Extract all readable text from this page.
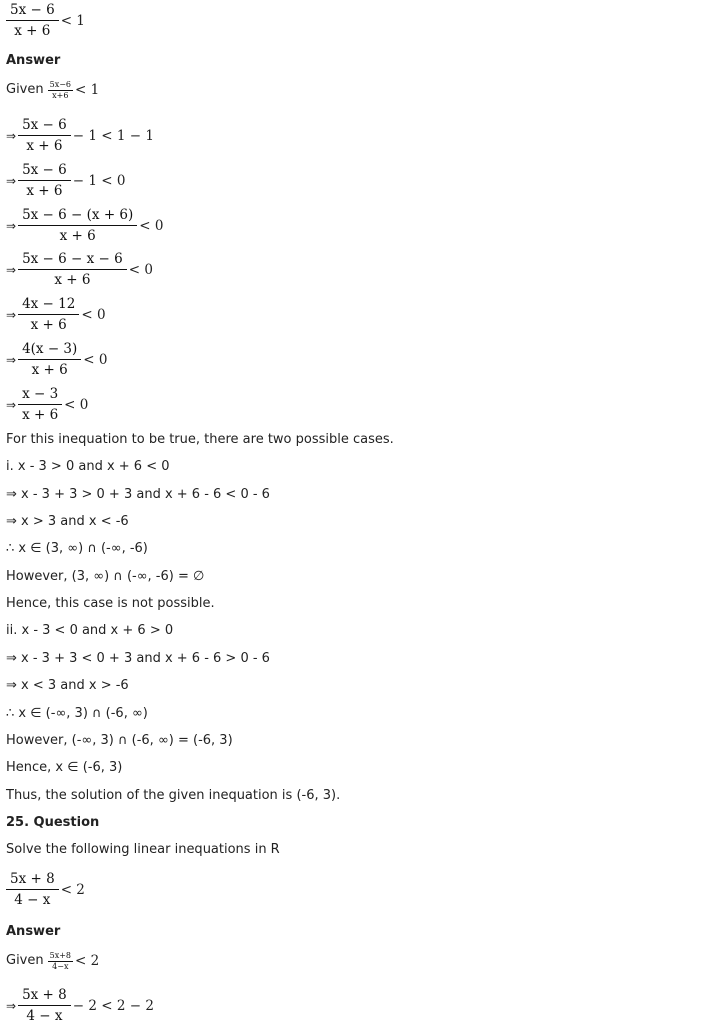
$\frac{5x - 6}{x + 6} < 1$
Answer
Given $\frac{5x-6}{x+6} < 1$
⇒ $\frac{5x - 6}{x + 6} - 1 < 1 - 1$
⇒ $\frac{5x - 6}{x + 6} - 1 < 0$
⇒ $\frac{5x - 6 - (x + 6)}{x + 6} < 0$
⇒ $\frac{5x - 6 - x - 6}{x + 6} < 0$
⇒ $\frac{4x - 12}{x + 6} < 0$
⇒ $\frac{4(x - 3)}{x + 6} < 0$
⇒ $\frac{x - 3}{x + 6} < 0$
For this inequation to be true, there are two possible cases.
i. x - 3 > 0 and x + 6 < 0
⇒ x - 3 + 3 > 0 + 3 and x + 6 - 6 < 0 - 6
⇒ x > 3 and x < -6
∴ x ∈ (3, ∞) ∩ (-∞, -6)
However, (3, ∞) ∩ (-∞, -6) = ∅
Hence, this case is not possible.
ii. x - 3 < 0 and x + 6 > 0
⇒ x - 3 + 3 < 0 + 3 and x + 6 - 6 > 0 - 6
⇒ x < 3 and x > -6
∴ x ∈ (-∞, 3) ∩ (-6, ∞)
However, (-∞, 3) ∩ (-6, ∞) = (-6, 3)
Hence, x ∈ (-6, 3)
Thus, the solution of the given inequation is (-6, 3).
25. Question
Solve the following linear inequations in R
$\frac{5x + 8}{4 - x} < 2$
Answer
Given $\frac{5x+8}{4-x} < 2$
⇒ $\frac{5x + 8}{4 - x} - 2 < 2 - 2$
